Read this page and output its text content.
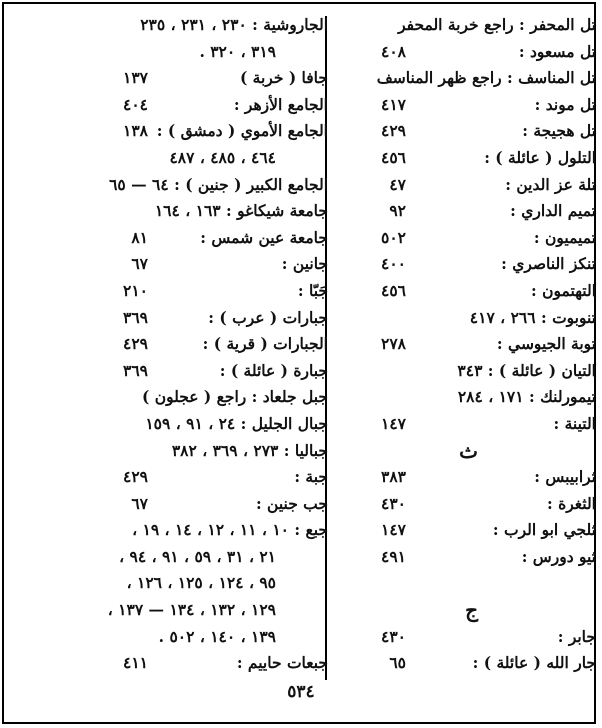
تل المحفر : راجع خربة المحفر
تل مسعود :
٤٠٨
تل المناسف : راجع ظهر المناسف
تل موند :
٤١٧
تل هجيجة :
٤٢٩
التلول ( عائلة ) :
٤٥٦
تلة عز الدين :
٤٧
تميم الداري :
٩٢
تميميون :
٥٠٢
تنكز الناصري :
٤٠٠
التهتمون :
٤٥٦
تنوبوت : ٢٦٦ ، ٤١٧
توبة الجيوسي :
٢٧٨
التيان ( عائلة ) : ٣٤٣
تيمورلنك : ١٧١ ، ٢٨٤
التينة :
١٤٧
ث
ثرابيبس :
٣٨٣
الثغرة :
٤٣٠
ثلجي ابو الرب :
١٤٧
ثيو دورس :
٤٩١
ج
جابر :
٤٣٠
جار الله ( عائلة ) :
٦٥
الجاروشية : ٢٣٠ ، ٢٣١ ، ٢٣٥
٣١٩ ، ٣٢٠ .
جافا ( خربة )
١٣٧
الجامع الأزهر :
٤٠٤
الجامع الأموي ( دمشق ) :
١٣٨
٤٦٤ ، ٤٨٥ ، ٤٨٧
الجامع الكبير ( جنين ) : ٦٤ — ٦٥
جامعة شيكاغو : ١٦٣ ، ١٦٤
جامعة عين شمس :
٨١
جانين :
٦٧
جَبّا :
٢١٠
جبارات ( عرب ) :
٣٦٩
الجبارات ( قرية ) :
٤٢٩
جبارة ( عائلة ) :
٣٦٩
جبل جلعاد : راجع ( عجلون )
جبال الجليل : ٢٤ ، ٩١ ، ١٥٩
جباليا : ٢٧٣ ، ٣٦٩ ، ٣٨٢
جبة :
٤٢٩
جب جنين :
٦٧
جبع : ١٠ ، ١١ ، ١٢ ، ١٤ ، ١٩ ،
٢١ ، ٣١ ، ٥٩ ، ٩١ ، ٩٤ ،
٩٥ ، ١٢٤ ، ١٢٥ ، ١٢٦ ،
١٢٩ ، ١٣٢ ، ١٣٤ — ١٣٧ ،
١٣٩ ، ١٤٠ ، ٥٠٢ .
جبعات حاييم :
٤١١
٥٣٤
